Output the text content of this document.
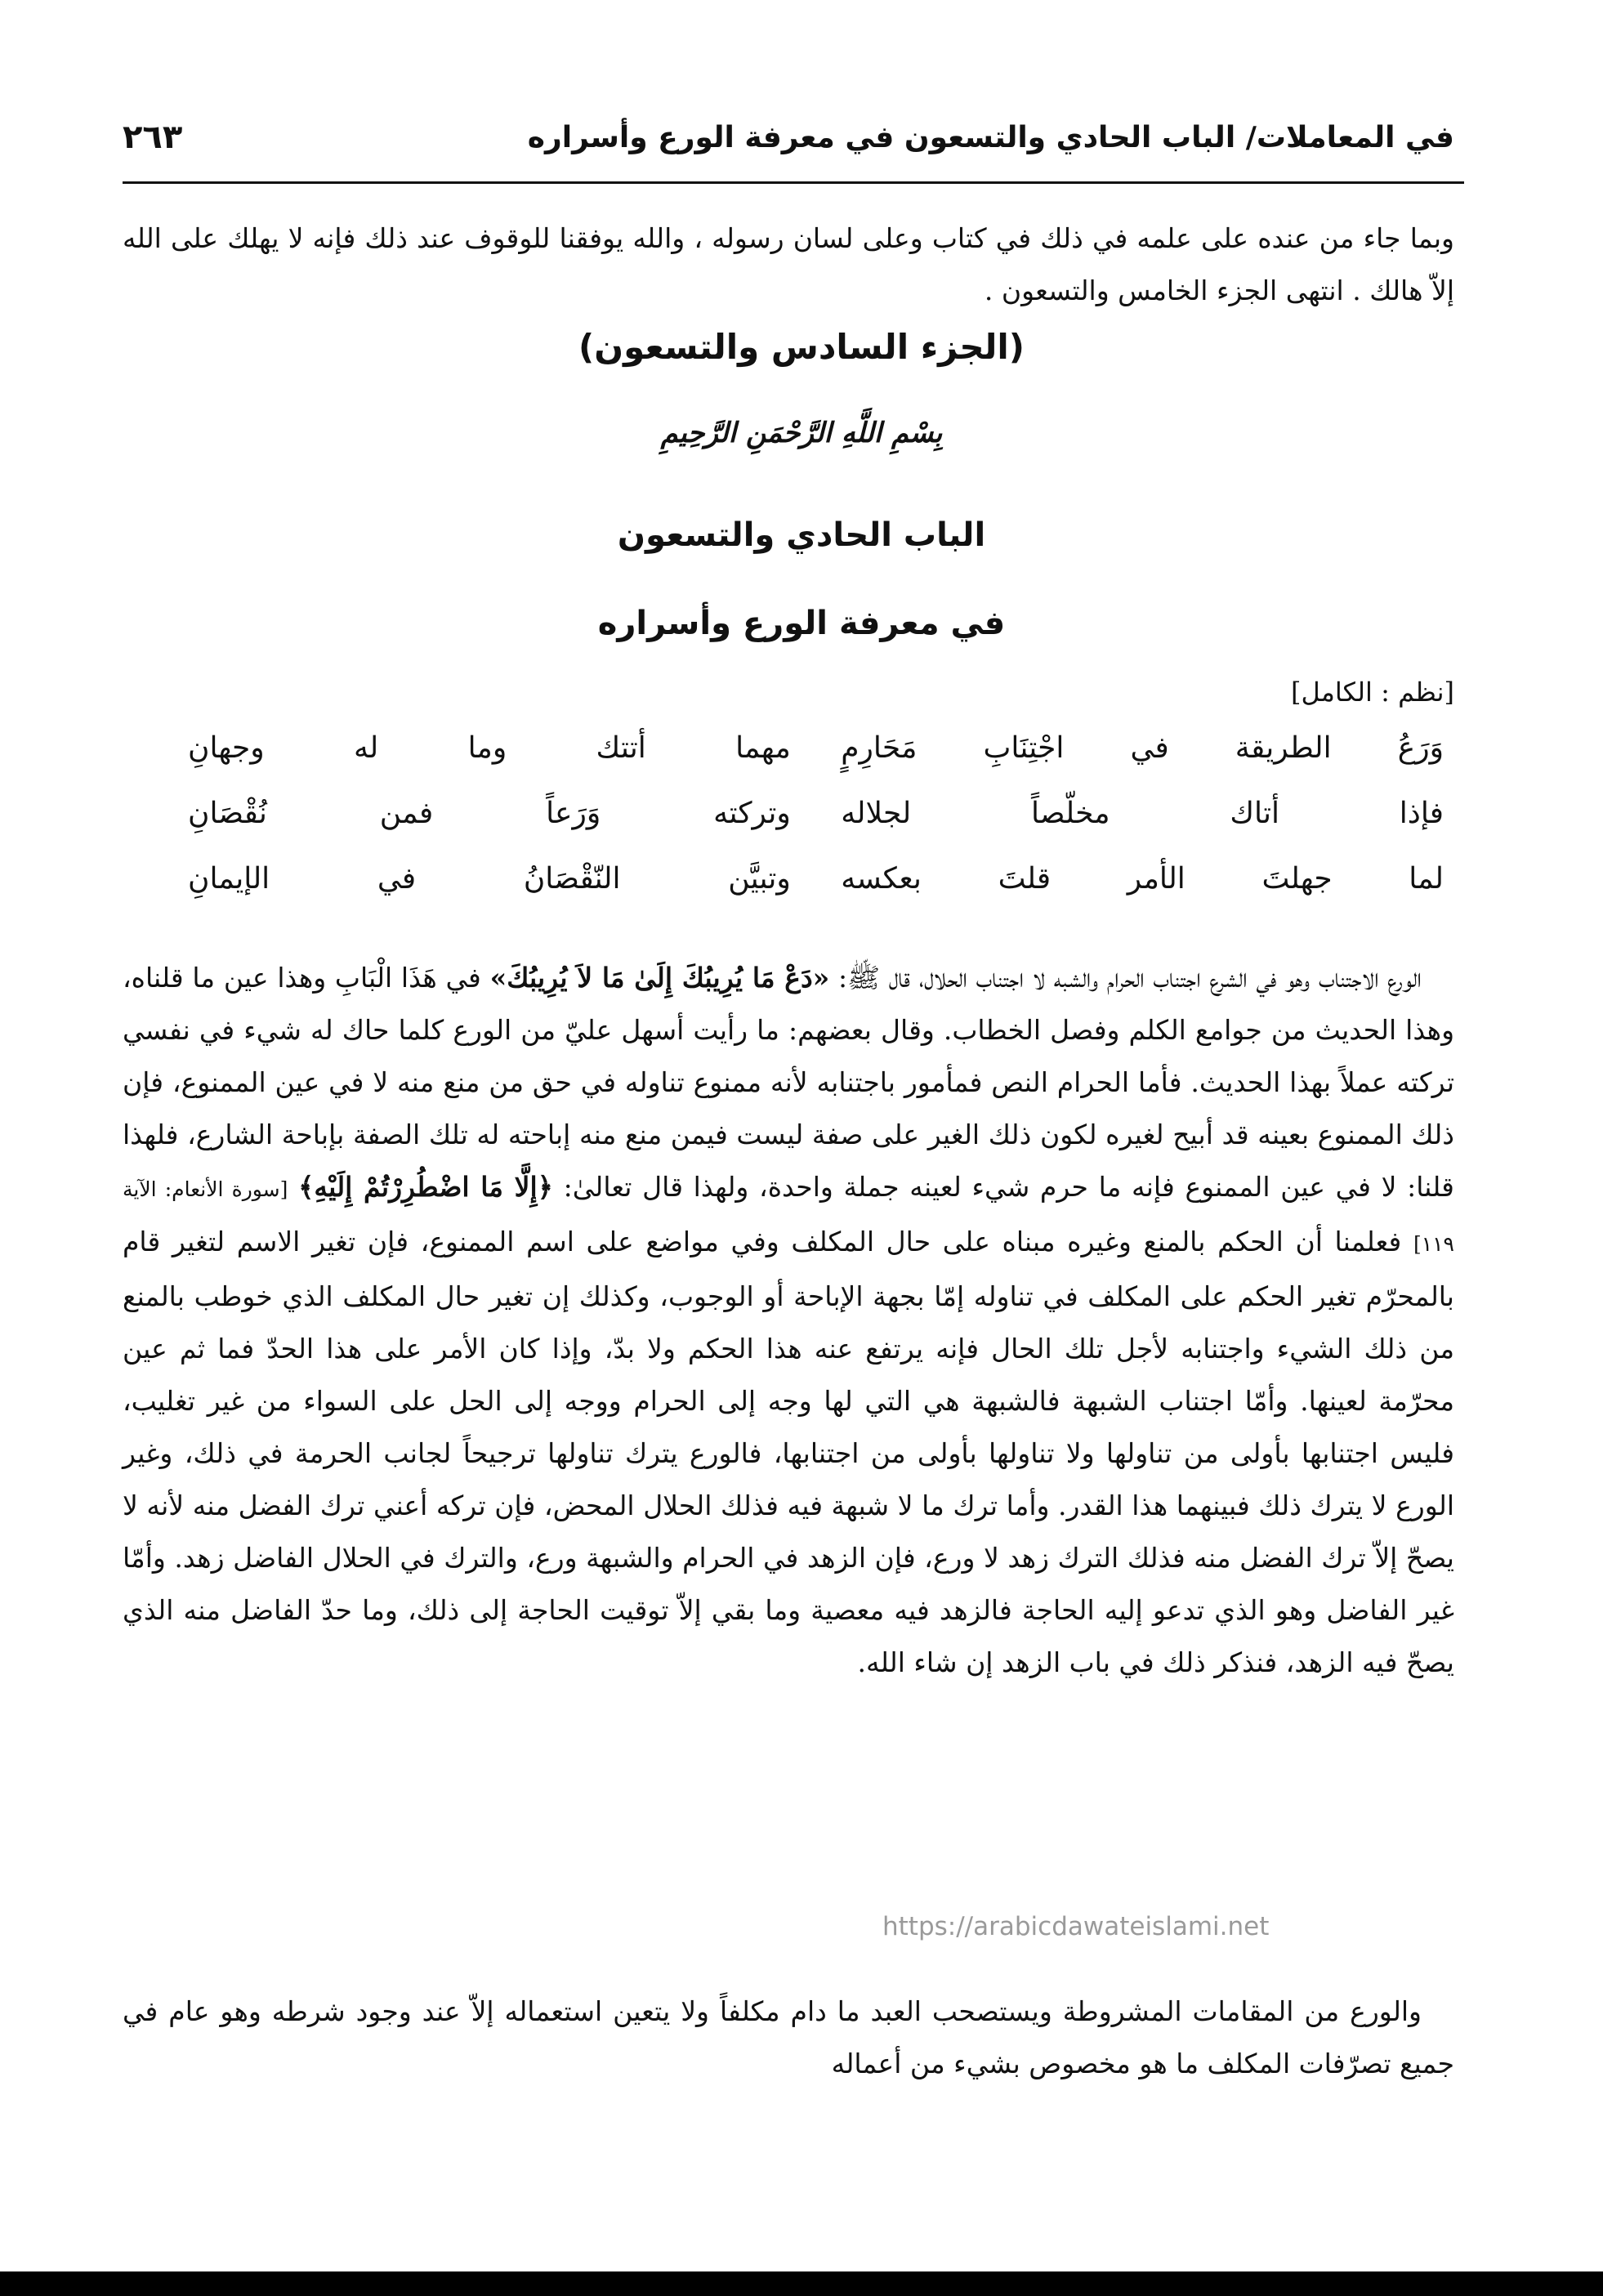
في المعاملات/ الباب الحادي والتسعون في معرفة الورع وأسراره
٢٦٣
وبما جاء من عنده على علمه في ذلك في كتاب وعلى لسان رسوله ، والله يوفقنا للوقوف عند ذلك فإنه لا يهلك على الله إلاّ هالك . انتهى الجزء الخامس والتسعون .
(الجزء السادس والتسعون)
بِسْمِ اللَّهِ الرَّحْمَنِ الرَّحِيمِ
الباب الحادي والتسعون
في معرفة الورع وأسراره
[نظم : الكامل]
وَرَعُ الطريقة في اجْتِنَابِ مَحَارِمٍ
مهما أتتك وما له وجهانِ
فإذا أتاك مخلّصاً لجلاله
وتركته وَرَعاً فمن نُقْصَانِ
لما جهلتَ الأمر قلتَ بعكسه
وتبيَّن النّقْصَانُ في الإيمانِ

الورع الاجتناب وهو في الشرع اجتناب الحرام والشبه لا اجتناب الحلال، قال ﷺ: «دَعْ مَا يُرِيبُكَ إِلَىٰ مَا لاَ يُرِيبُكَ» في هَذَا الْبَابِ وهذا عين ما قلناه، وهذا الحديث من جوامع الكلم وفصل الخطاب. وقال بعضهم: ما رأيت أسهل عليّ من الورع كلما حاك له شيء في نفسي تركته عملاً بهذا الحديث. فأما الحرام النص فمأمور باجتنابه لأنه ممنوع تناوله في حق من منع منه لا في عين الممنوع، فإن ذلك الممنوع بعينه قد أبيح لغيره لكون ذلك الغير على صفة ليست فيمن منع منه إباحته له تلك الصفة بإباحة الشارع، فلهذا قلنا: لا في عين الممنوع فإنه ما حرم شيء لعينه جملة واحدة، ولهذا قال تعالىٰ: ﴿إِلَّا مَا اضْطُرِرْتُمْ إِلَيْهِ﴾ [سورة الأنعام: الآية ١١٩] فعلمنا أن الحكم بالمنع وغيره مبناه على حال المكلف وفي مواضع على اسم الممنوع، فإن تغير الاسم لتغير قام بالمحرّم تغير الحكم على المكلف في تناوله إمّا بجهة الإباحة أو الوجوب، وكذلك إن تغير حال المكلف الذي خوطب بالمنع من ذلك الشيء واجتنابه لأجل تلك الحال فإنه يرتفع عنه هذا الحكم ولا بدّ، وإذا كان الأمر على هذا الحدّ فما ثم عين محرّمة لعينها. وأمّا اجتناب الشبهة فالشبهة هي التي لها وجه إلى الحرام ووجه إلى الحل على السواء من غير تغليب، فليس اجتنابها بأولى من تناولها ولا تناولها بأولى من اجتنابها، فالورع يترك تناولها ترجيحاً لجانب الحرمة في ذلك، وغير الورع لا يترك ذلك فبينهما هذا القدر. وأما ترك ما لا شبهة فيه فذلك الحلال المحض، فإن تركه أعني ترك الفضل منه لأنه لا يصحّ إلاّ ترك الفضل منه فذلك الترك زهد لا ورع، فإن الزهد في الحرام والشبهة ورع، والترك في الحلال الفاضل زهد. وأمّا غير الفاضل وهو الذي تدعو إليه الحاجة فالزهد فيه معصية وما بقي إلاّ توقيت الحاجة إلى ذلك، وما حدّ الفاضل منه الذي يصحّ فيه الزهد، فنذكر ذلك في باب الزهد إن شاء الله.

والورع من المقامات المشروطة ويستصحب العبد ما دام مكلفاً ولا يتعين استعماله إلاّ عند وجود شرطه وهو عام في جميع تصرّفات المكلف ما هو مخصوص بشيء من أعماله

https://arabicdawateislami.net
